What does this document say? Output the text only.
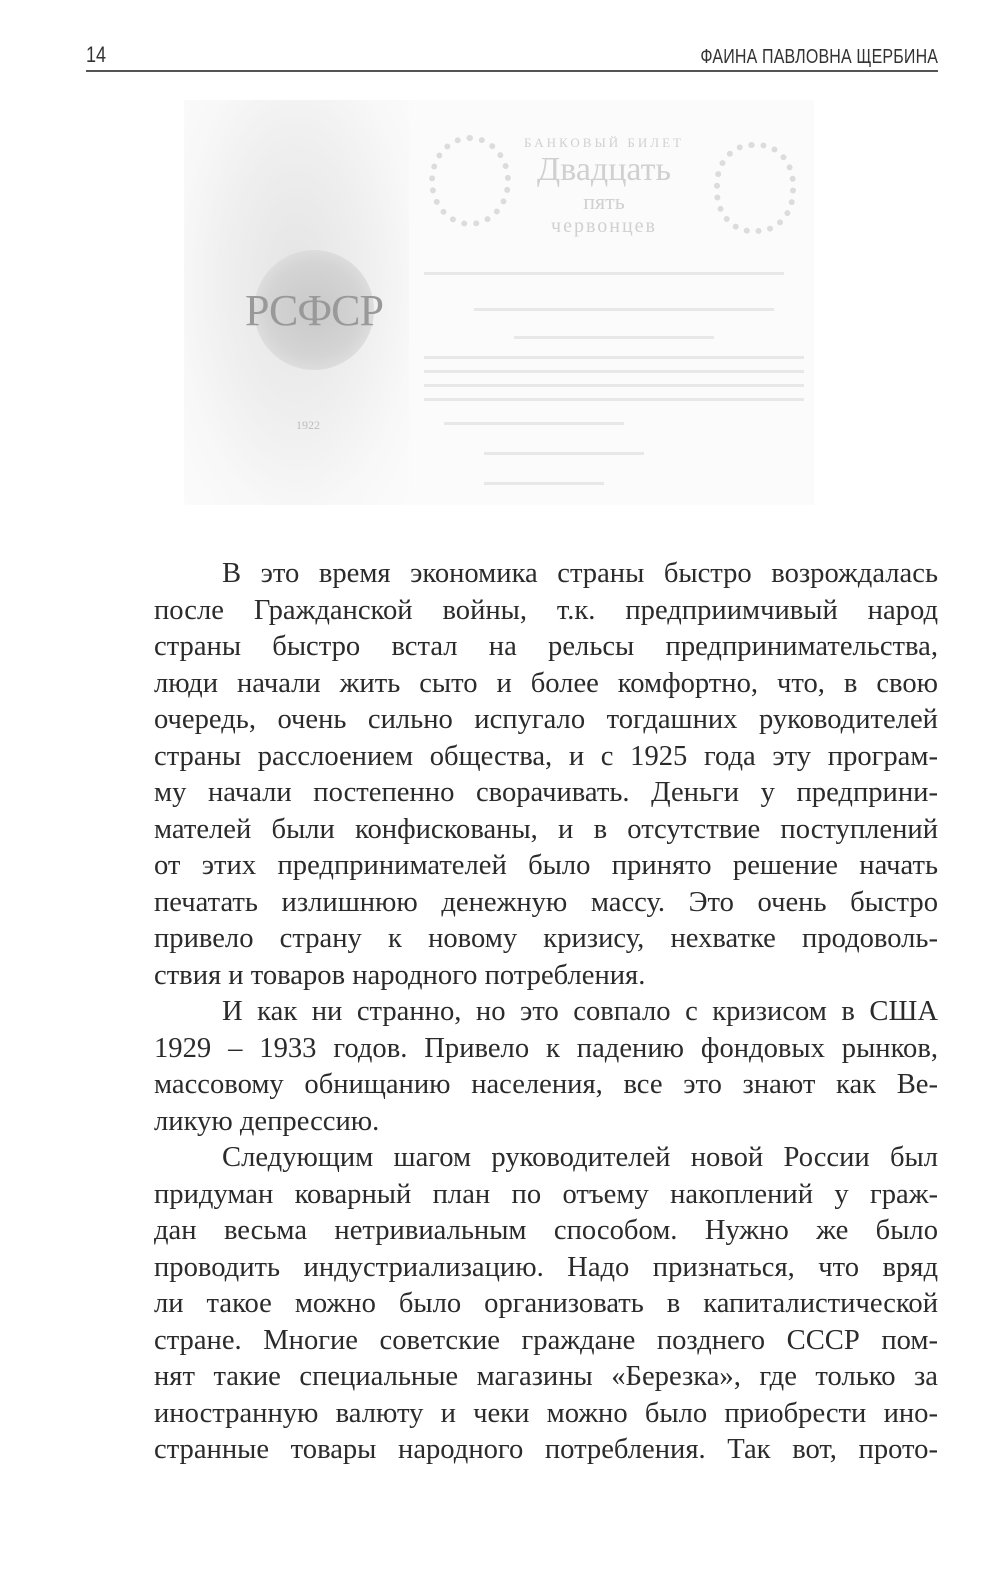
14	ФАИНА ПАВЛОВНА ЩЕРБИНА
РСФСР
БАНКОВЫЙ БИЛЕТ
Двадцать
пять
червонцев
1922
В это время экономика страны быстро возрождалась
после Гражданской войны, т.к. предприимчивый народ
страны быстро встал на рельсы предпринимательства,
люди начали жить сыто и более комфортно, что, в свою
очередь, очень сильно испугало тогдашних руководителей
страны расслоением общества, и с 1925 года эту програм-
му начали постепенно сворачивать. Деньги у предприни-
мателей были конфискованы, и в отсутствие поступлений
от этих предпринимателей было принято решение начать
печатать излишнюю денежную массу. Это очень быстро
привело страну к новому кризису, нехватке продоволь-
ствия и товаров народного потребления.
И как ни странно, но это совпало с кризисом в США
1929 – 1933 годов. Привело к падению фондовых рынков,
массовому обнищанию населения, все это знают как Ве-
ликую депрессию.
Следующим шагом руководителей новой России был
придуман коварный план по отъему накоплений у граж-
дан весьма нетривиальным способом. Нужно же было
проводить индустриализацию. Надо признаться, что вряд
ли такое можно было организовать в капиталистической
стране. Многие советские граждане позднего СССР пом-
нят такие специальные магазины «Березка», где только за
иностранную валюту и чеки можно было приобрести ино-
странные товары народного потребления. Так вот, прото-
